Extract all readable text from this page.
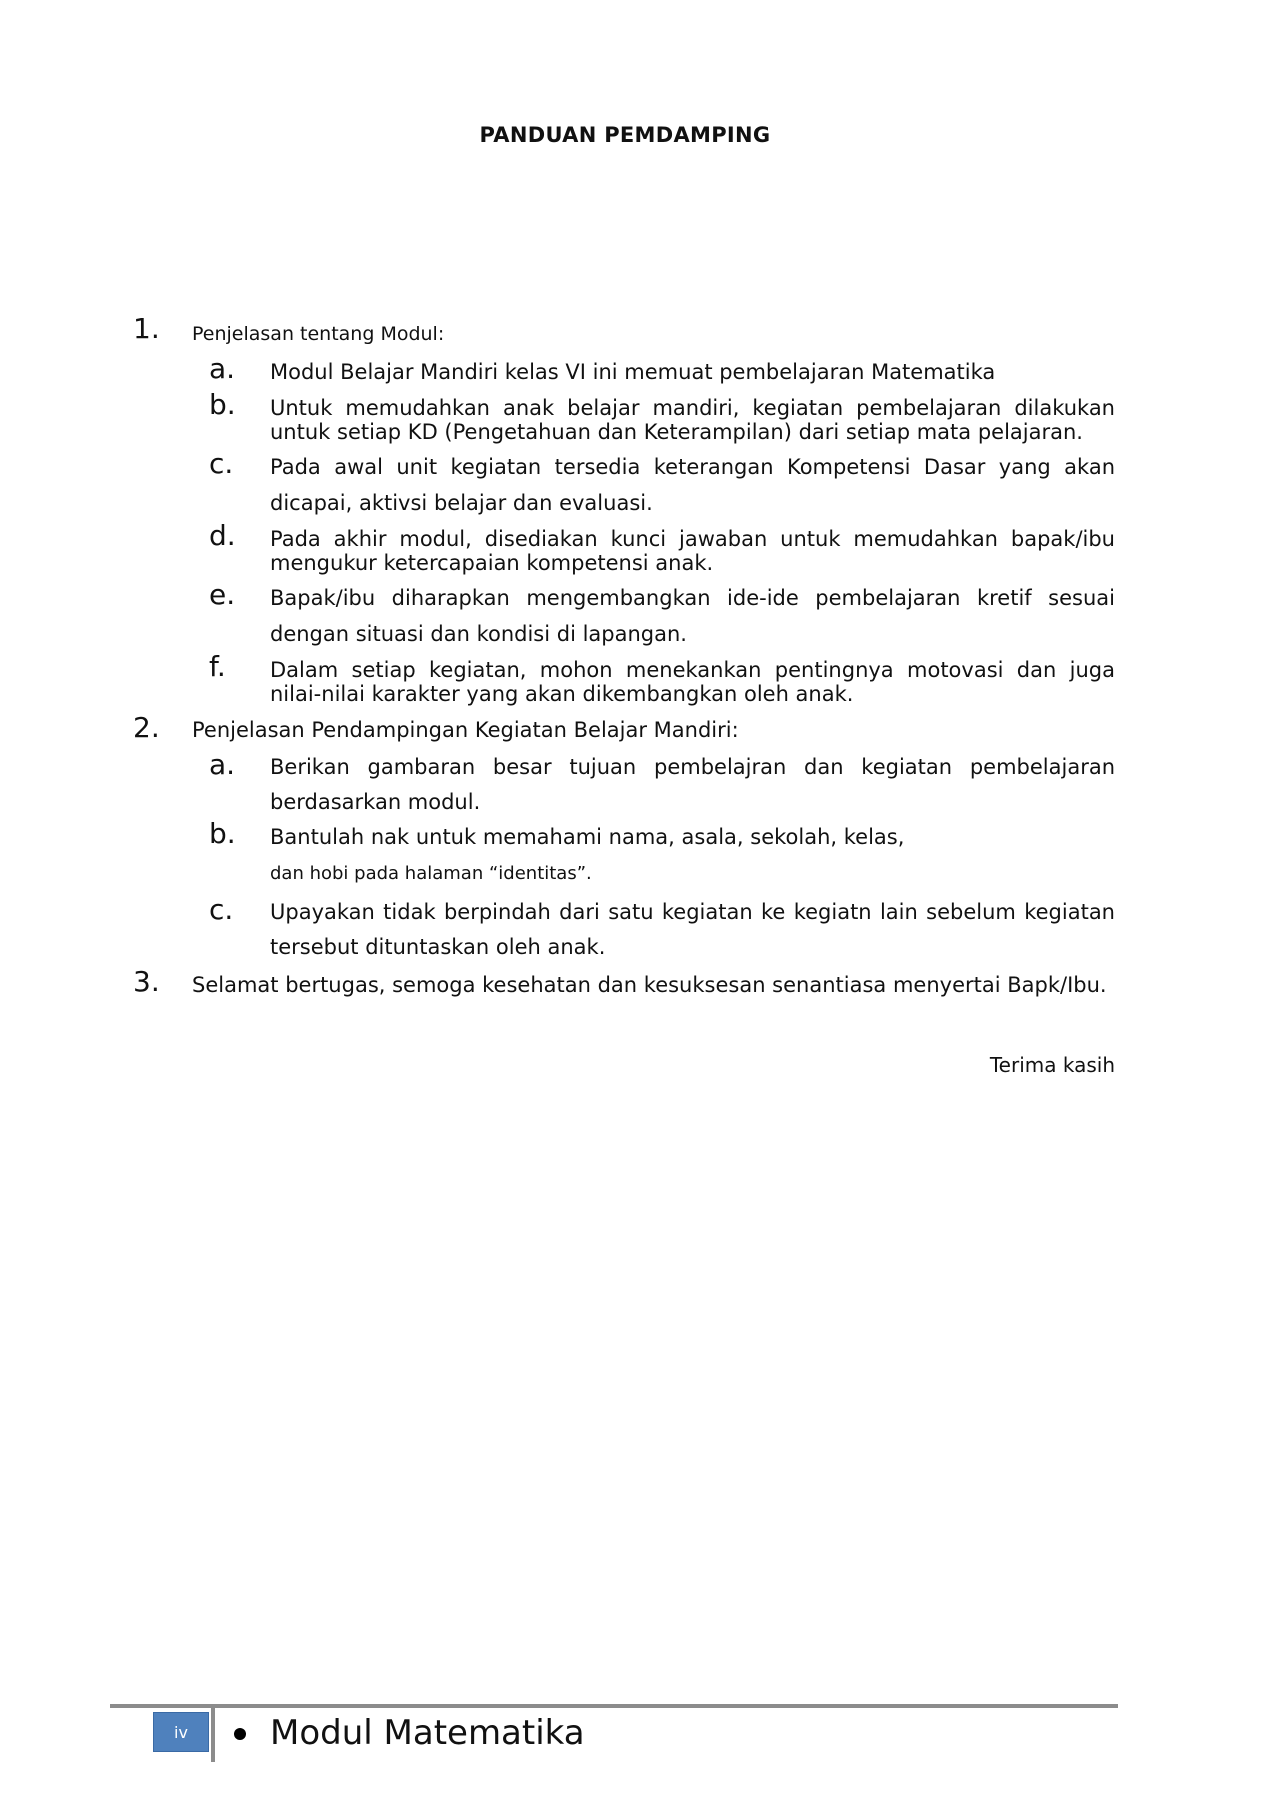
PANDUAN PEMDAMPING
1. Penjelasan tentang Modul:
a. Modul Belajar Mandiri kelas VI ini memuat pembelajaran Matematika
b. Untuk memudahkan anak belajar mandiri, kegiatan pembelajaran dilakukan untuk setiap KD (Pengetahuan dan Keterampilan) dari setiap mata pelajaran.
c. Pada awal unit kegiatan tersedia keterangan Kompetensi Dasar yang akan
dicapai, aktivsi belajar dan evaluasi.
d. Pada akhir modul, disediakan kunci jawaban untuk memudahkan bapak/ibu mengukur ketercapaian kompetensi anak.
e. Bapak/ibu diharapkan mengembangkan ide-ide pembelajaran kretif sesuai
dengan situasi dan kondisi di lapangan.
f. Dalam setiap kegiatan, mohon menekankan pentingnya motovasi dan juga nilai-nilai karakter yang akan dikembangkan oleh anak.
2. Penjelasan Pendampingan Kegiatan Belajar Mandiri:
a. Berikan gambaran besar tujuan pembelajran dan kegiatan pembelajaran
berdasarkan modul.
b. Bantulah nak untuk memahami nama, asala, sekolah, kelas,
dan hobi pada halaman “identitas”.
c. Upayakan tidak berpindah dari satu kegiatan ke kegiatn lain sebelum kegiatan
tersebut dituntaskan oleh anak.
3. Selamat bertugas, semoga kesehatan dan kesuksesan senantiasa menyertai Bapk/Ibu.
Terima kasih
iv	Modul Matematika
